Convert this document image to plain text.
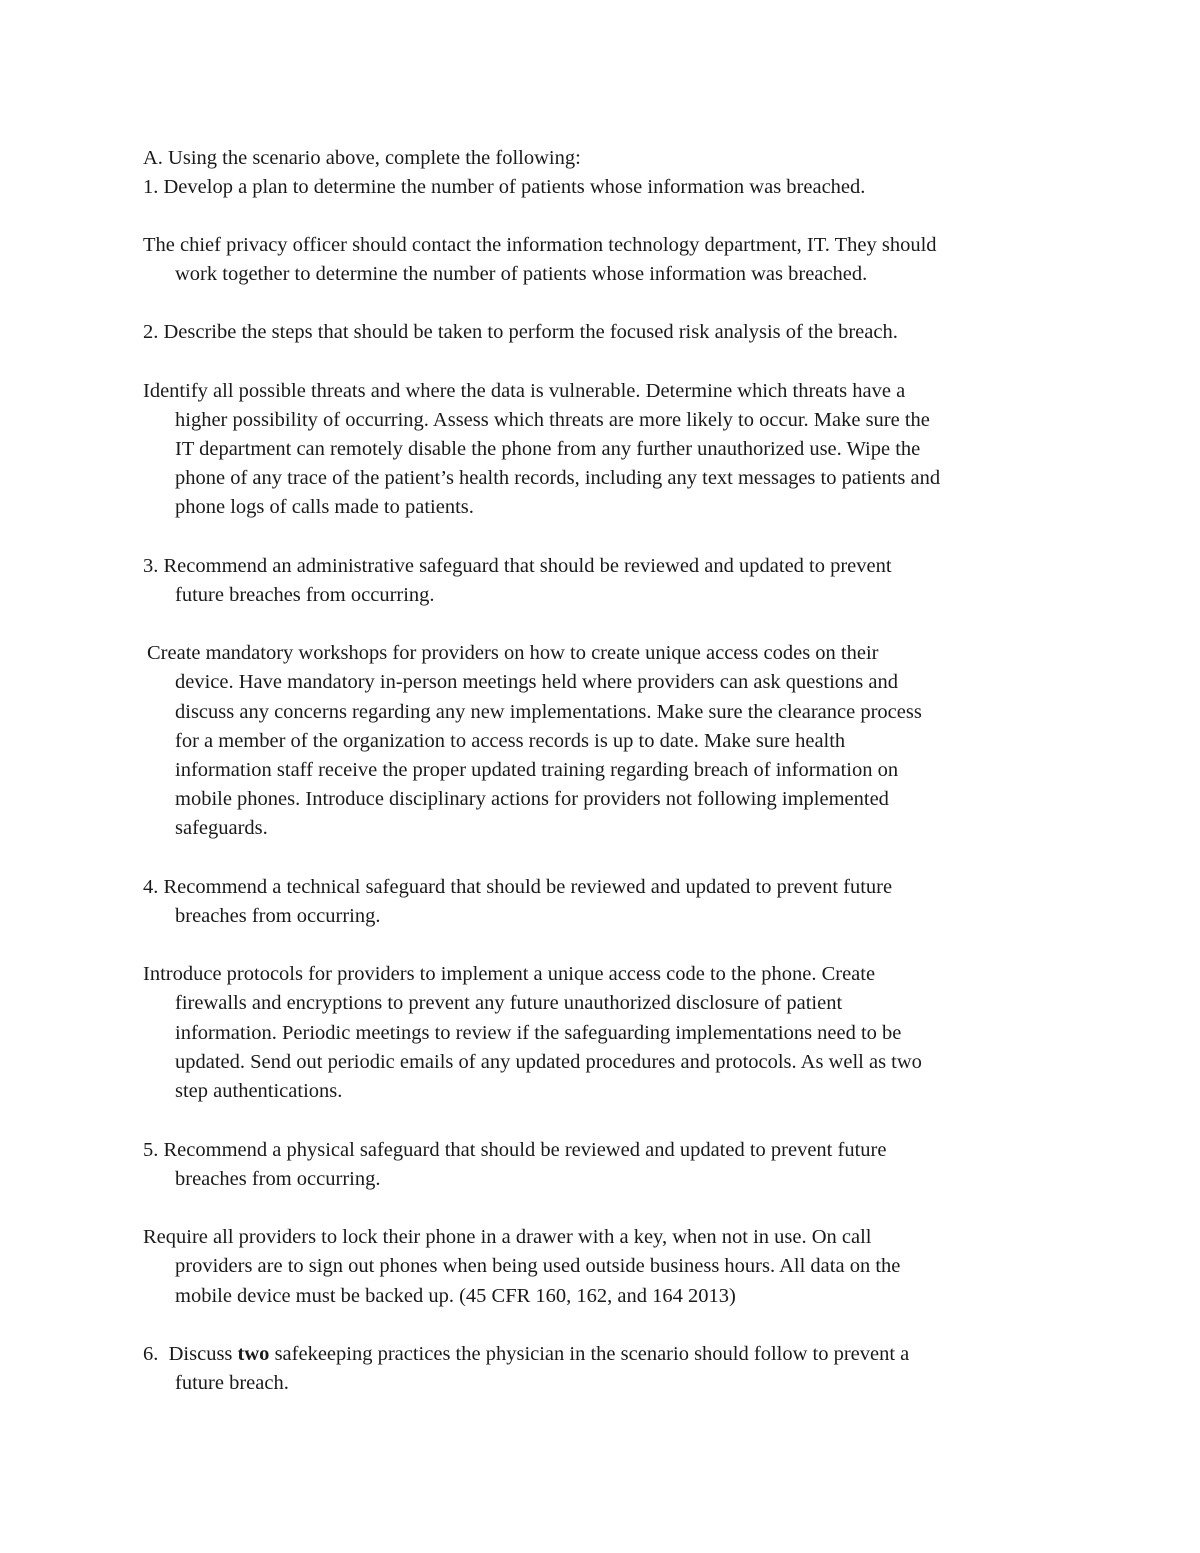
A. Using the scenario above, complete the following:

1. Develop a plan to determine the number of patients whose information was breached.

The chief privacy officer should contact the information technology department, IT. They should

work together to determine the number of patients whose information was breached.

2. Describe the steps that should be taken to perform the focused risk analysis of the breach.

Identify all possible threats and where the data is vulnerable. Determine which threats have a

higher possibility of occurring. Assess which threats are more likely to occur. Make sure the

IT department can remotely disable the phone from any further unauthorized use. Wipe the

phone of any trace of the patient’s health records, including any text messages to patients and

phone logs of calls made to patients.

3. Recommend an administrative safeguard that should be reviewed and updated to prevent

future breaches from occurring.

Create mandatory workshops for providers on how to create unique access codes on their

device. Have mandatory in-person meetings held where providers can ask questions and

discuss any concerns regarding any new implementations. Make sure the clearance process

for a member of the organization to access records is up to date. Make sure health

information staff receive the proper updated training regarding breach of information on

mobile phones. Introduce disciplinary actions for providers not following implemented

safeguards.

4. Recommend a technical safeguard that should be reviewed and updated to prevent future

breaches from occurring.

Introduce protocols for providers to implement a unique access code to the phone. Create

firewalls and encryptions to prevent any future unauthorized disclosure of patient

information. Periodic meetings to review if the safeguarding implementations need to be

updated. Send out periodic emails of any updated procedures and protocols. As well as two

step authentications.

5. Recommend a physical safeguard that should be reviewed and updated to prevent future

breaches from occurring.

Require all providers to lock their phone in a drawer with a key, when not in use. On call

providers are to sign out phones when being used outside business hours. All data on the

mobile device must be backed up. (45 CFR 160, 162, and 164 2013)

6.  Discuss two safekeeping practices the physician in the scenario should follow to prevent a

future breach.
